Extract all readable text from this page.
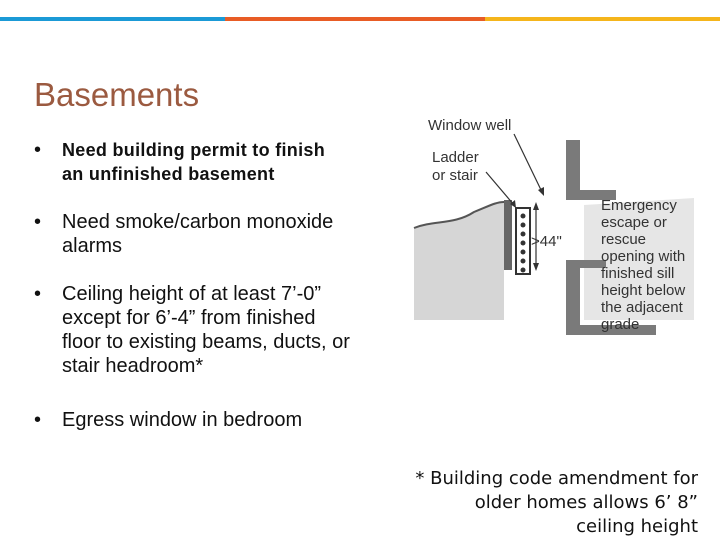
Basements
• Need building permit to finish
an unfinished basement
• Need smoke/carbon monoxide
alarms
• Ceiling height of at least 7’-0”
except for 6’-4” from finished
floor to existing beams, ducts, or
stair headroom*
• Egress window in bedroom
>44"
Window well
Ladder
or stair
Emergency
escape or
rescue
opening with
finished sill
height below
the adjacent
grade
* Building code amendment for
older homes allows 6’ 8”
ceiling height
